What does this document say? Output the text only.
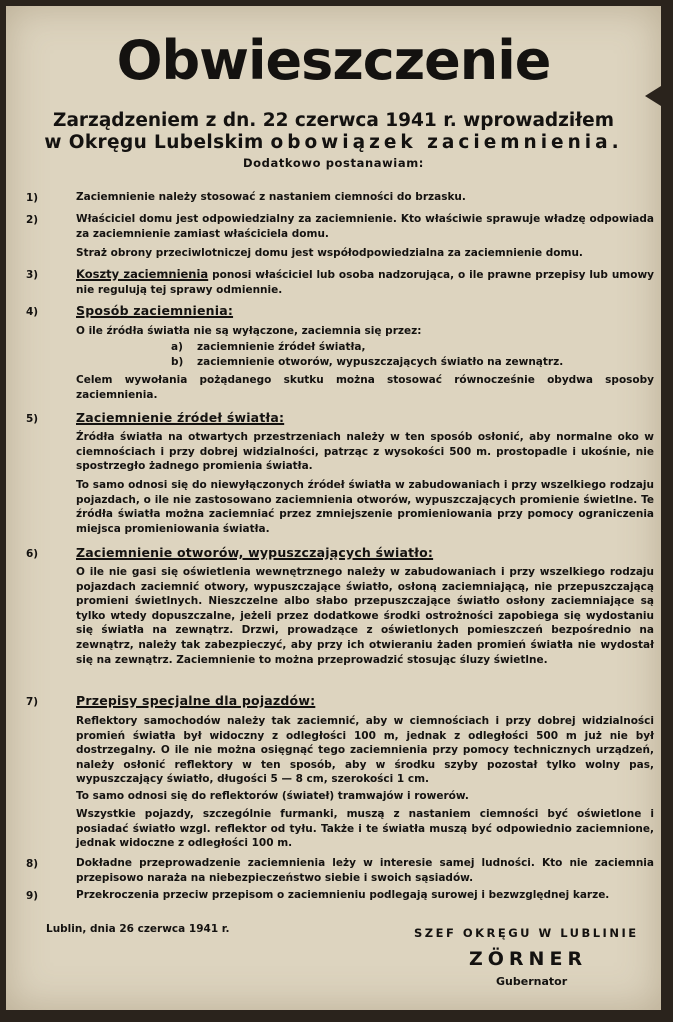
Obwieszczenie
Zarządzeniem z dn. 22 czerwca 1941 r. wprowadziłem
w Okręgu Lubelskim obowiązek zaciemnienia.
Dodatkowo postanawiam:
1)	Zaciemnienie należy stosować z nastaniem ciemności do brzasku.

2)	Właściciel domu jest odpowiedzialny za zaciemnienie. Kto właściwie sprawuje władzę odpowiada za zaciemnienie zamiast właściciela domu.

Straż obrony przeciwlotniczej domu jest współodpowiedzialna za zaciemnienie domu.

3)	Koszty zaciemnienia ponosi właściciel lub osoba nadzorująca, o ile prawne przepisy lub umowy nie regulują tej sprawy odmiennie.

4)	Sposób zaciemnienia:

O ile źródła światła nie są wyłączone, zaciemnia się przez:

a) zaciemnienie źródeł światła,
b) zaciemnienie otworów, wypuszczających światło na zewnątrz.

Celem wywołania pożądanego skutku można stosować równocześnie obydwa sposoby zaciemnienia.

5)	Zaciemnienie źródeł światła:

Źródła światła na otwartych przestrzeniach należy w ten sposób osłonić, aby normalne oko w ciemnościach i przy dobrej widzialności, patrząc z wysokości 500 m. prostopadle i ukośnie, nie spostrzegło żadnego promienia światła.

To samo odnosi się do niewyłączonych źródeł światła w zabudowaniach i przy wszelkiego rodzaju pojazdach, o ile nie zastosowano zaciemnienia otworów, wypuszczających promienie świetlne. Te źródła światła można zaciemniać przez zmniejszenie promieniowania przy pomocy ograniczenia miejsca promieniowania światła.

6)	Zaciemnienie otworów, wypuszczających światło:

O ile nie gasi się oświetlenia wewnętrznego należy w zabudowaniach i przy wszelkiego rodzaju pojazdach zaciemnić otwory, wypuszczające światło, osłoną zaciemniającą, nie przepuszczającą promieni świetlnych. Nieszczelne albo słabo przepuszczające światło osłony zaciemniające są tylko wtedy dopuszczalne, jeżeli przez dodatkowe środki ostrożności zapobiega się wydostaniu się światła na zewnątrz. Drzwi, prowadzące z oświetlonych pomieszczeń bezpośrednio na zewnątrz, należy tak zabezpieczyć, aby przy ich otwieraniu żaden promień światła nie wydostał się na zewnątrz. Zaciemnienie to można przeprowadzić stosując śluzy świetlne.

7)	Przepisy specjalne dla pojazdów:

Reflektory samochodów należy tak zaciemnić, aby w ciemnościach i przy dobrej widzialności promień światła był widoczny z odległości 100 m, jednak z odległości 500 m już nie był dostrzegalny. O ile nie można osięgnąć tego zaciemnienia przy pomocy technicznych urządzeń, należy osłonić reflektory w ten sposób, aby w środku szyby pozostał tylko wolny pas, wypuszczający światło, długości 5 — 8 cm, szerokości 1 cm.

To samo odnosi się do reflektorów (świateł) tramwajów i rowerów.

Wszystkie pojazdy, szczególnie furmanki, muszą z nastaniem ciemności być oświetlone i posiadać światło wzgl. reflektor od tyłu. Także i te światła muszą być odpowiednio zaciemnione, jednak widoczne z odległości 100 m.

8)	Dokładne przeprowadzenie zaciemnienia leży w interesie samej ludności. Kto nie zaciemnia przepisowo naraża na niebezpieczeństwo siebie i swoich sąsiadów.

9)	Przekroczenia przeciw przepisom o zaciemnieniu podlegają surowej i bezwzględnej karze.

Lublin, dnia 26 czerwca 1941 r.	SZEF OKRĘGU W LUBLINIE
ZÖRNER
Gubernator
